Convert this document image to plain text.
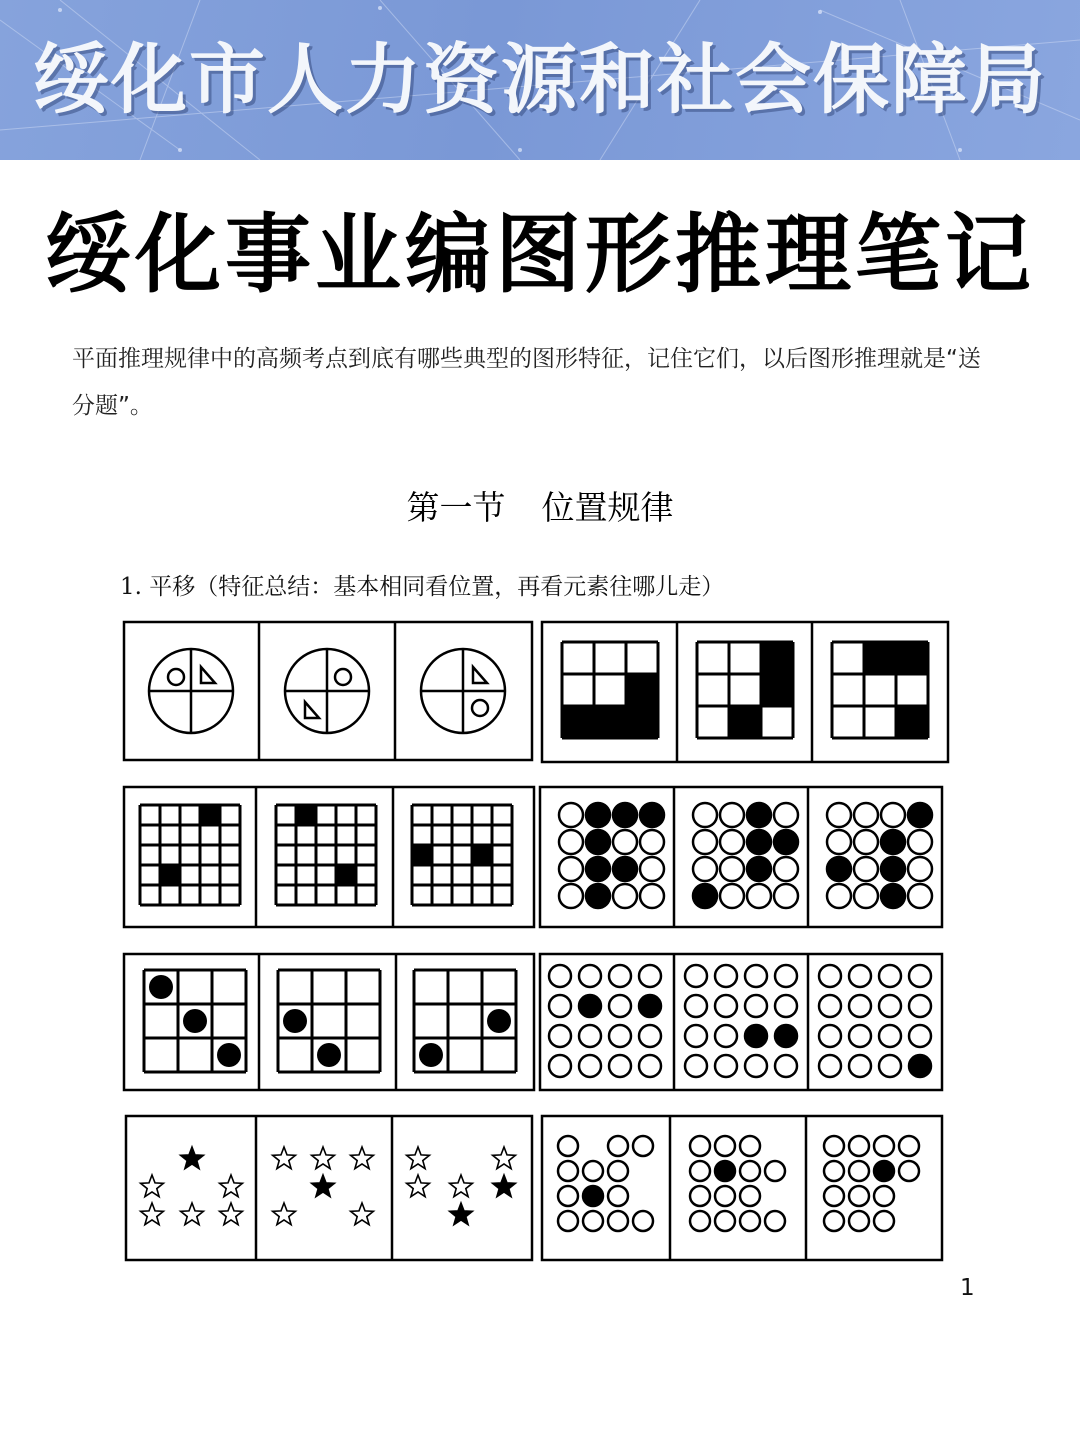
绥化市人力资源和社会保障局
绥化事业编图形推理笔记
平面推理规律中的高频考点到底有哪些典型的图形特征，记住它们，以后图形推理就是“送分题”。
第一节 位置规律
1. 平移（特征总结：基本相同看位置，再看元素往哪儿走）
1
